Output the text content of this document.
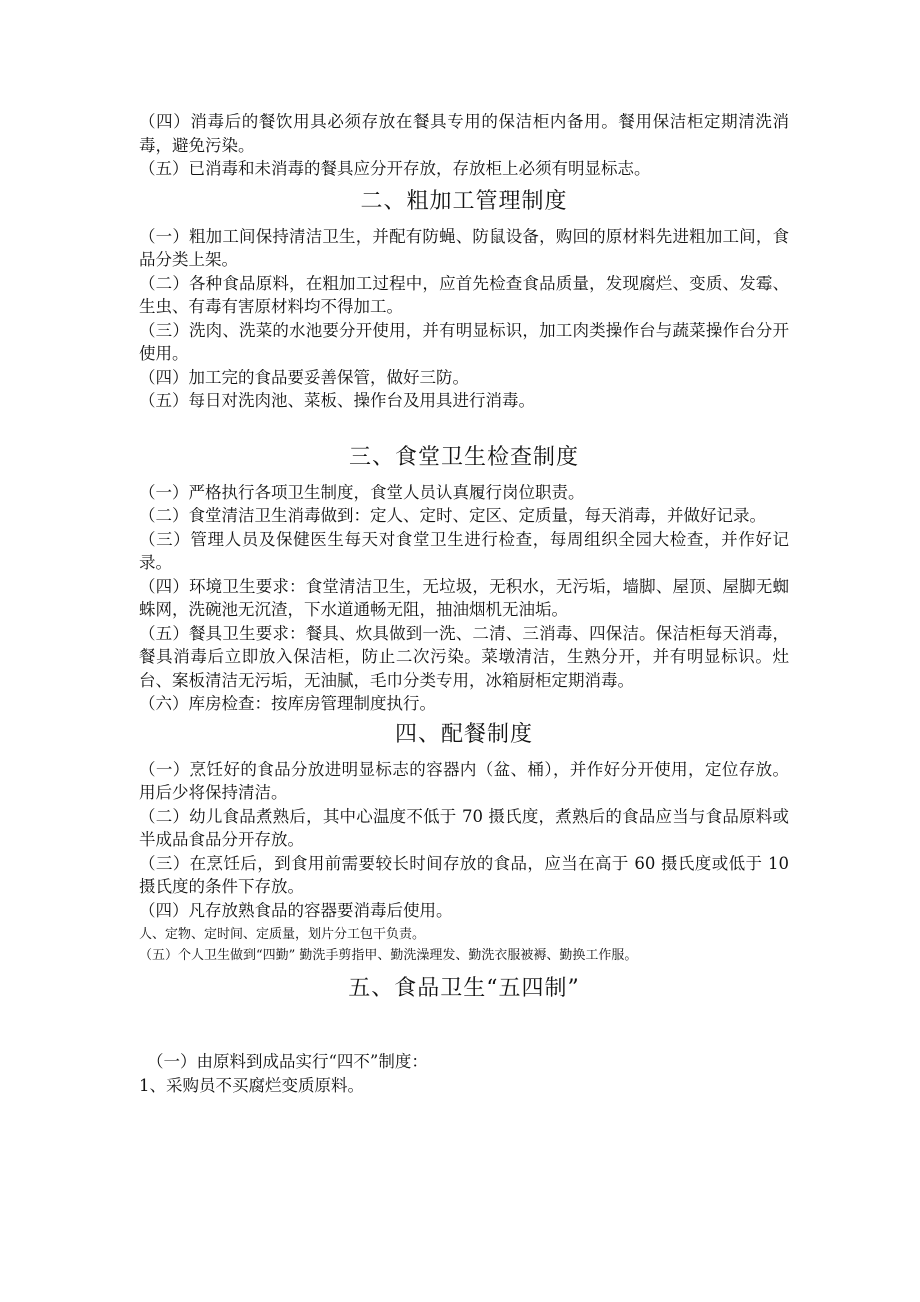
（四）消毒后的餐饮用具必须存放在餐具专用的保洁柜内备用。餐用保洁柜定期清洗消毒，避免污染。

（五）已消毒和未消毒的餐具应分开存放，存放柜上必须有明显标志。

二、粗加工管理制度

（一）粗加工间保持清洁卫生，并配有防蝇、防鼠设备，购回的原材料先进粗加工间，食品分类上架。

（二）各种食品原料，在粗加工过程中，应首先检查食品质量，发现腐烂、变质、发霉、生虫、有毒有害原材料均不得加工。

（三）洗肉、洗菜的水池要分开使用，并有明显标识，加工肉类操作台与蔬菜操作台分开使用。

（四）加工完的食品要妥善保管，做好三防。

（五）每日对洗肉池、菜板、操作台及用具进行消毒。

三、食堂卫生检查制度

（一）严格执行各项卫生制度，食堂人员认真履行岗位职责。

（二）食堂清洁卫生消毒做到：定人、定时、定区、定质量，每天消毒，并做好记录。

（三）管理人员及保健医生每天对食堂卫生进行检查，每周组织全园大检查，并作好记录。

（四）环境卫生要求：食堂清洁卫生，无垃圾，无积水，无污垢，墙脚、屋顶、屋脚无蜘蛛网，洗碗池无沉渣，下水道通畅无阻，抽油烟机无油垢。

（五）餐具卫生要求：餐具、炊具做到一洗、二清、三消毒、四保洁。保洁柜每天消毒，餐具消毒后立即放入保洁柜，防止二次污染。菜墩清洁，生熟分开，并有明显标识。灶台、案板清洁无污垢，无油腻，毛巾分类专用，冰箱厨柜定期消毒。

（六）库房检查：按库房管理制度执行。

四、配餐制度

（一）烹饪好的食品分放进明显标志的容器内（盆、桶），并作好分开使用，定位存放。用后少将保持清洁。

（二）幼儿食品煮熟后，其中心温度不低于 70 摄氏度，煮熟后的食品应当与食品原料或半成品食品分开存放。

（三）在烹饪后，到食用前需要较长时间存放的食品，应当在高于 60 摄氏度或低于 10 摄氏度的条件下存放。

（四）凡存放熟食品的容器要消毒后使用。

人、定物、定时间、定质量，划片分工包干负责。

（五）个人卫生做到“四勤” 勤洗手剪指甲、勤洗澡理发、勤洗衣服被褥、勤换工作服。

五、食品卫生“五四制”

（一）由原料到成品实行“四不”制度：

1、采购员不买腐烂变质原料。
